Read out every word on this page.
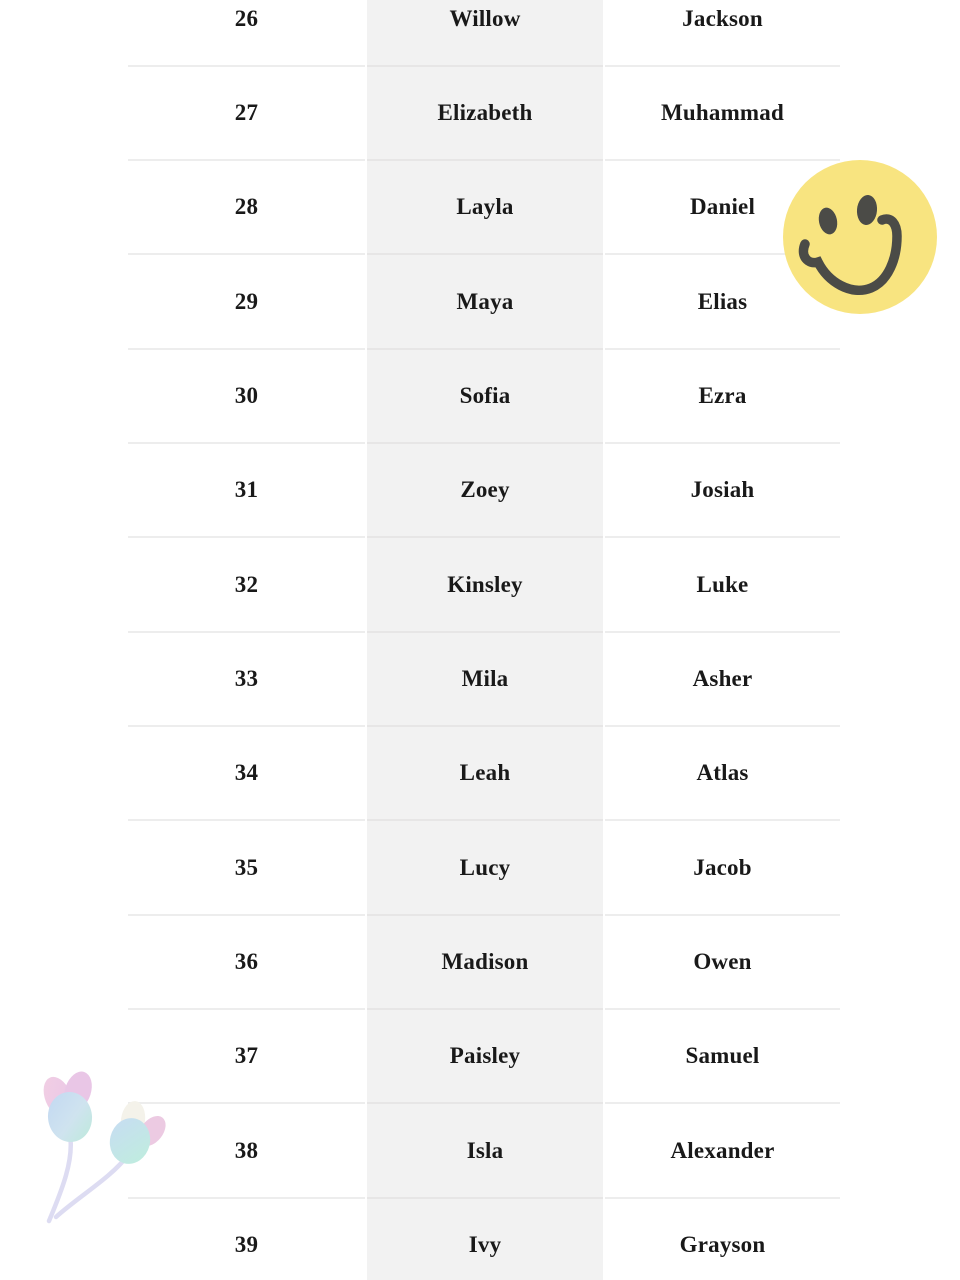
26	Willow	Jackson
27	Elizabeth	Muhammad
28	Layla	Daniel
29	Maya	Elias
30	Sofia	Ezra
31	Zoey	Josiah
32	Kinsley	Luke
33	Mila	Asher
34	Leah	Atlas
35	Lucy	Jacob
36	Madison	Owen
37	Paisley	Samuel
38	Isla	Alexander
39	Ivy	Grayson
